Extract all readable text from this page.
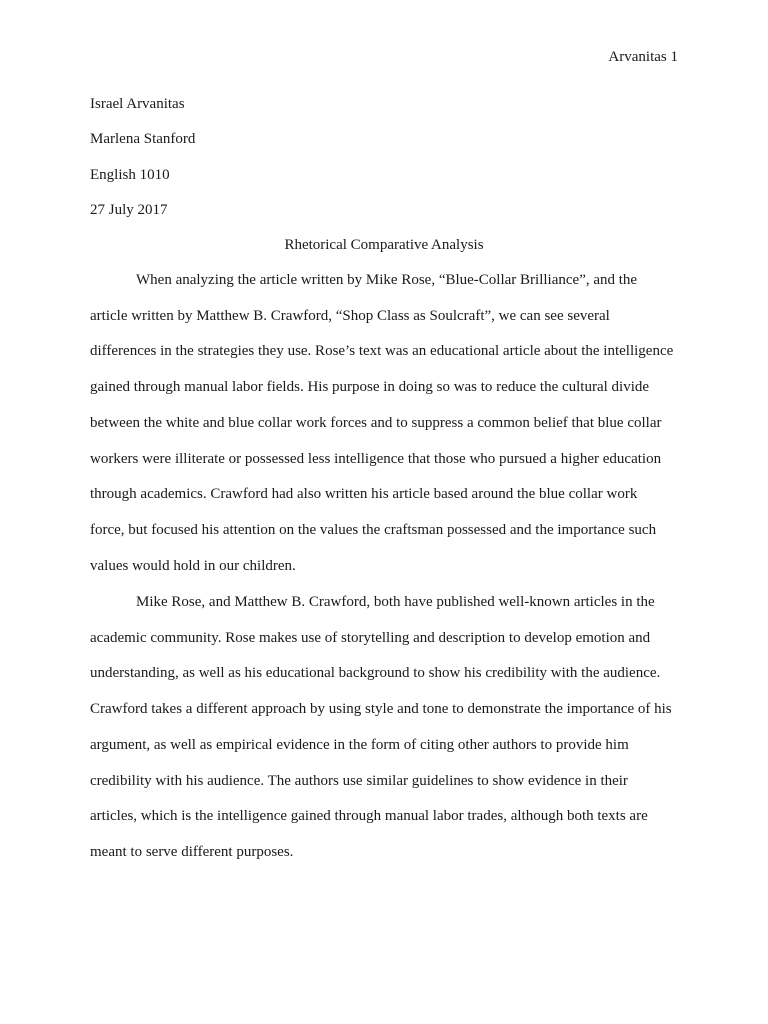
Arvanitas 1
Israel Arvanitas
Marlena Stanford
English 1010
27 July 2017
Rhetorical Comparative Analysis
When analyzing the article written by Mike Rose, “Blue-Collar Brilliance”, and the
article written by Matthew B. Crawford, “Shop Class as Soulcraft”, we can see several
differences in the strategies they use. Rose’s text was an educational article about the intelligence
gained through manual labor fields. His purpose in doing so was to reduce the cultural divide
between the white and blue collar work forces and to suppress a common belief that blue collar
workers were illiterate or possessed less intelligence that those who pursued a higher education
through academics. Crawford had also written his article based around the blue collar work
force, but focused his attention on the values the craftsman possessed and the importance such
values would hold in our children.
Mike Rose, and Matthew B. Crawford, both have published well-known articles in the
academic community. Rose makes use of storytelling and description to develop emotion and
understanding, as well as his educational background to show his credibility with the audience.
Crawford takes a different approach by using style and tone to demonstrate the importance of his
argument, as well as empirical evidence in the form of citing other authors to provide him
credibility with his audience. The authors use similar guidelines to show evidence in their
articles, which is the intelligence gained through manual labor trades, although both texts are
meant to serve different purposes.
